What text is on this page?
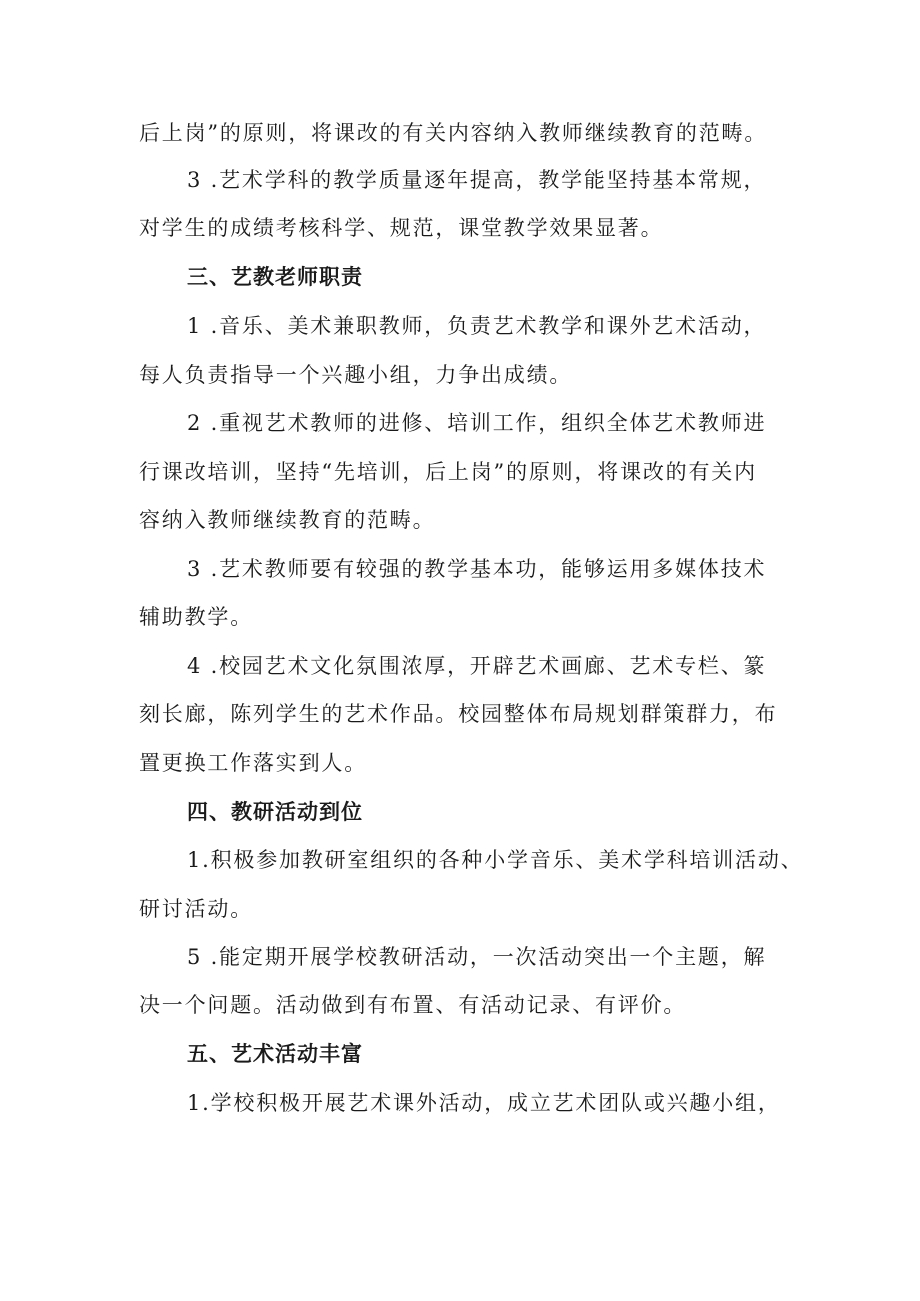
后上岗”的原则，将课改的有关内容纳入教师继续教育的范畴。
3 .艺术学科的教学质量逐年提高，教学能坚持基本常规，
对学生的成绩考核科学、规范，课堂教学效果显著。
三、艺教老师职责
1 .音乐、美术兼职教师，负责艺术教学和课外艺术活动，
每人负责指导一个兴趣小组，力争出成绩。
2 .重视艺术教师的进修、培训工作，组织全体艺术教师进
行课改培训，坚持“先培训，后上岗”的原则，将课改的有关内
容纳入教师继续教育的范畴。
3 .艺术教师要有较强的教学基本功，能够运用多媒体技术
辅助教学。
4 .校园艺术文化氛围浓厚，开辟艺术画廊、艺术专栏、篆
刻长廊，陈列学生的艺术作品。校园整体布局规划群策群力，布
置更换工作落实到人。
四、教研活动到位
1.积极参加教研室组织的各种小学音乐、美术学科培训活动、
研讨活动。
5 .能定期开展学校教研活动，一次活动突出一个主题，解
决一个问题。活动做到有布置、有活动记录、有评价。
五、艺术活动丰富
1.学校积极开展艺术课外活动，成立艺术团队或兴趣小组，
